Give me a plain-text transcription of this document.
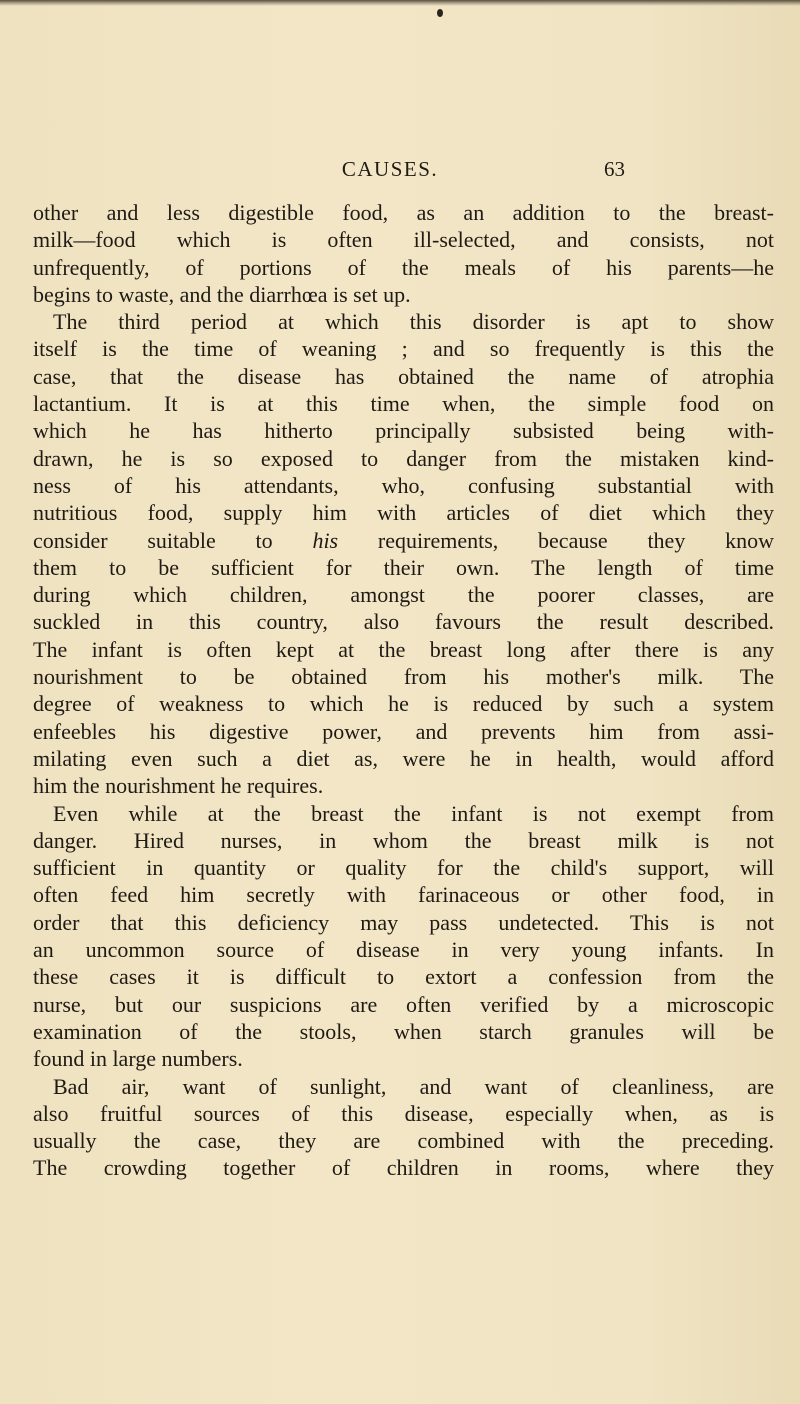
CAUSES.	63
other and less digestible food, as an addition to the breast-
milk—food which is often ill-selected, and consists, not
unfrequently, of portions of the meals of his parents—he
begins to waste, and the diarrhœa is set up.
The third period at which this disorder is apt to show
itself is the time of weaning ; and so frequently is this the
case, that the disease has obtained the name of atrophia
lactantium. It is at this time when, the simple food on
which he has hitherto principally subsisted being with-
drawn, he is so exposed to danger from the mistaken kind-
ness of his attendants, who, confusing substantial with
nutritious food, supply him with articles of diet which they
consider suitable to his requirements, because they know
them to be sufficient for their own. The length of time
during which children, amongst the poorer classes, are
suckled in this country, also favours the result described.
The infant is often kept at the breast long after there is any
nourishment to be obtained from his mother's milk. The
degree of weakness to which he is reduced by such a system
enfeebles his digestive power, and prevents him from assi-
milating even such a diet as, were he in health, would afford
him the nourishment he requires.
Even while at the breast the infant is not exempt from
danger. Hired nurses, in whom the breast milk is not
sufficient in quantity or quality for the child's support, will
often feed him secretly with farinaceous or other food, in
order that this deficiency may pass undetected. This is not
an uncommon source of disease in very young infants. In
these cases it is difficult to extort a confession from the
nurse, but our suspicions are often verified by a microscopic
examination of the stools, when starch granules will be
found in large numbers.
Bad air, want of sunlight, and want of cleanliness, are
also fruitful sources of this disease, especially when, as is
usually the case, they are combined with the preceding.
The crowding together of children in rooms, where they
